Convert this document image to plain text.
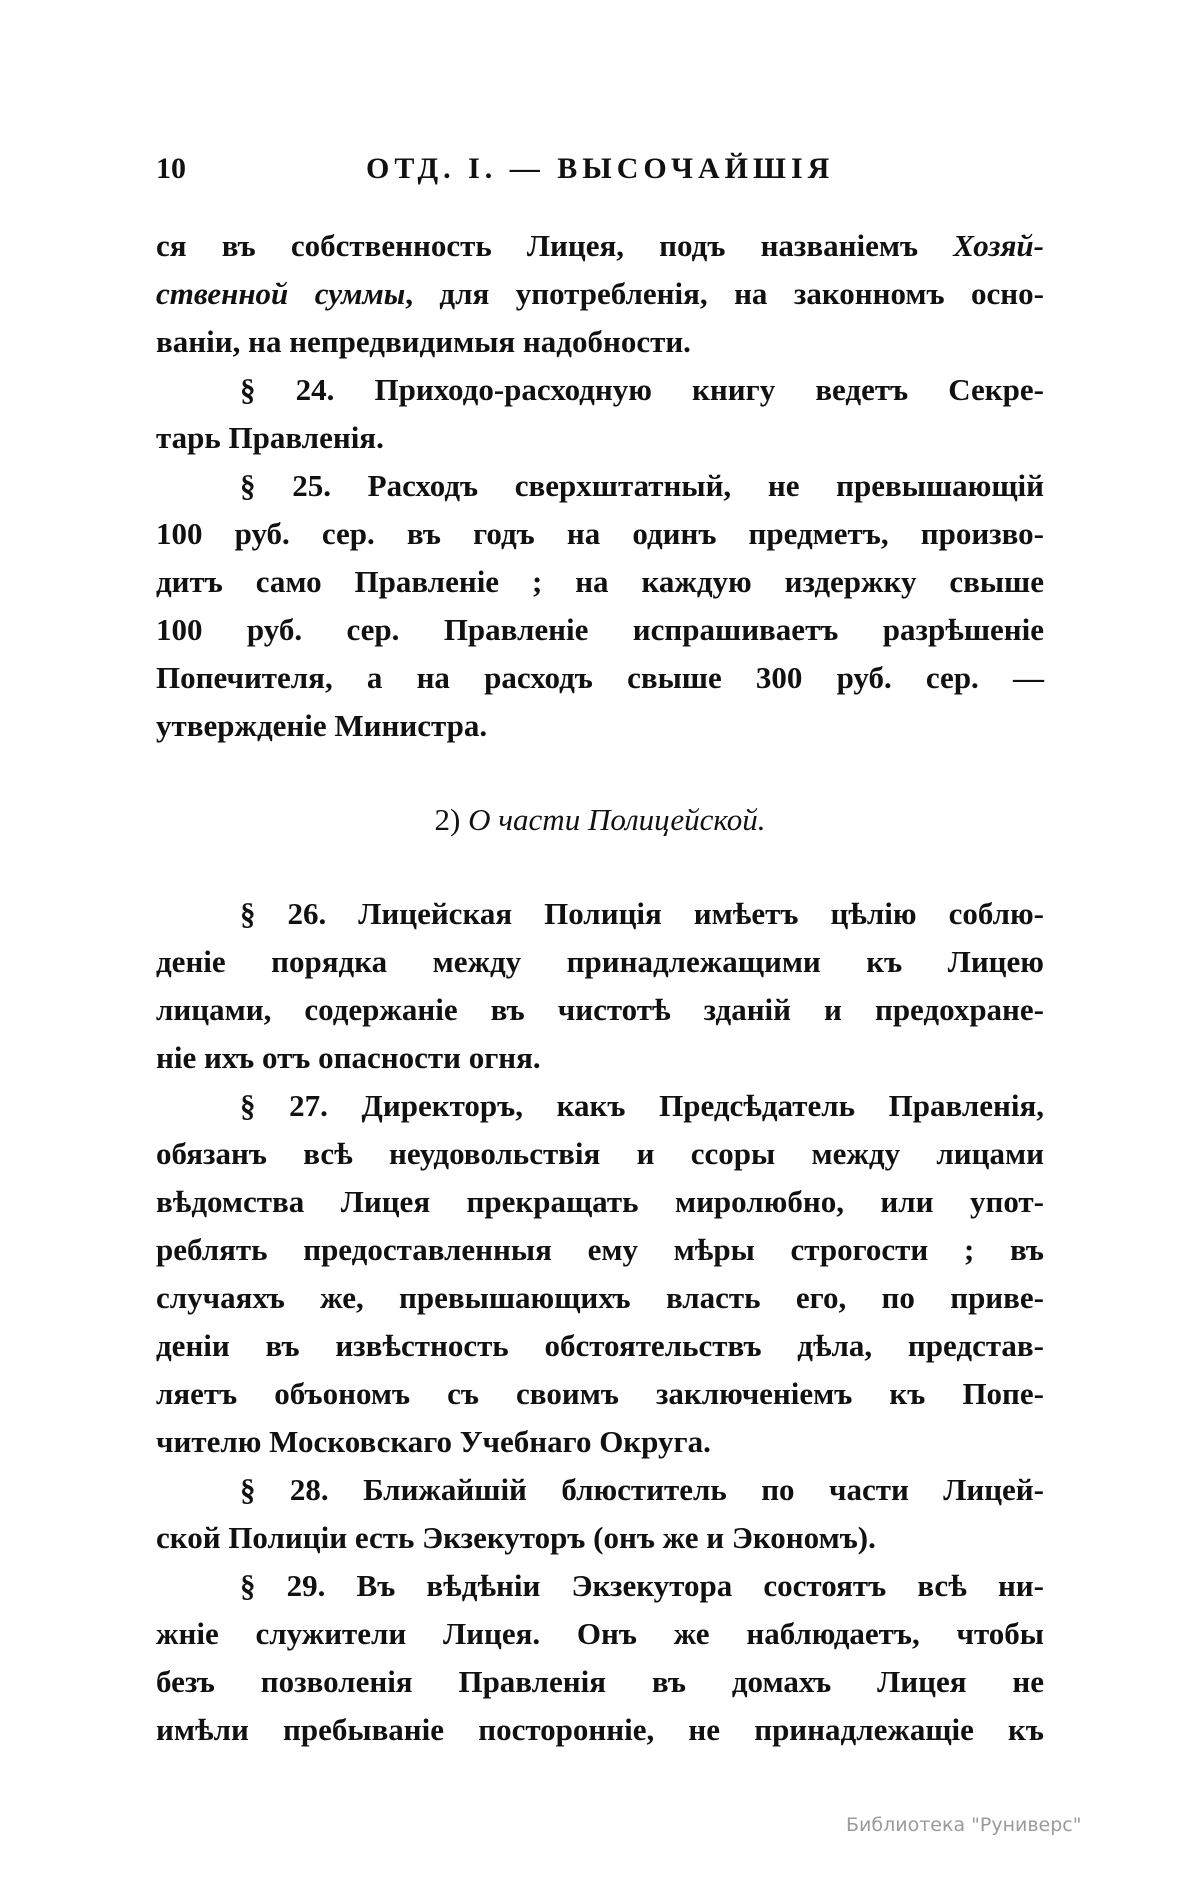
10	ОТД. I. — ВЫСОЧАЙШІЯ
ся въ собственность Лицея, подъ названіемъ Хозяй-
ственной суммы, для употребленія, на законномъ осно-
ваніи, на непредвидимыя надобности.
§ 24. Приходо-расходную книгу ведетъ Секре-
тарь Правленія.
§ 25. Расходъ сверхштатный, не превышающій
100 руб. сер. въ годъ на одинъ предметъ, произво-
дитъ само Правленіе ; на каждую издержку свыше
100 руб. сер. Правленіе испрашиваетъ разрѣшеніе
Попечителя, а на расходъ свыше 300 руб. сер. —
утвержденіе Министра.
2) О части Полицейской.
§ 26. Лицейская Полиція имѣетъ цѣлію соблю-
деніе порядка между принадлежащими къ Лицею
лицами, содержаніе въ чистотѣ зданій и предохране-
ніе ихъ отъ опасности огня.
§ 27. Директоръ, какъ Предсѣдатель Правленія,
обязанъ всѣ неудовольствія и ссоры между лицами
вѣдомства Лицея прекращать миролюбно, или упот-
реблять предоставленныя ему мѣры строгости ; въ
случаяхъ же, превышающихъ власть его, по приве-
деніи въ извѣстность обстоятельствъ дѣла, представ-
ляетъ объономъ съ своимъ заключеніемъ къ Попе-
чителю Московскаго Учебнаго Округа.
§ 28. Ближайшій блюститель по части Лицей-
ской Полиціи есть Экзекуторъ (онъ же и Экономъ).
§ 29. Въ вѣдѣніи Экзекутора состоятъ всѣ ни-
жніе служители Лицея. Онъ же наблюдаетъ, чтобы
безъ позволенія Правленія въ домахъ Лицея не
имѣли пребываніе посторонніе, не принадлежащіе къ
Библиотека "Руниверс"
